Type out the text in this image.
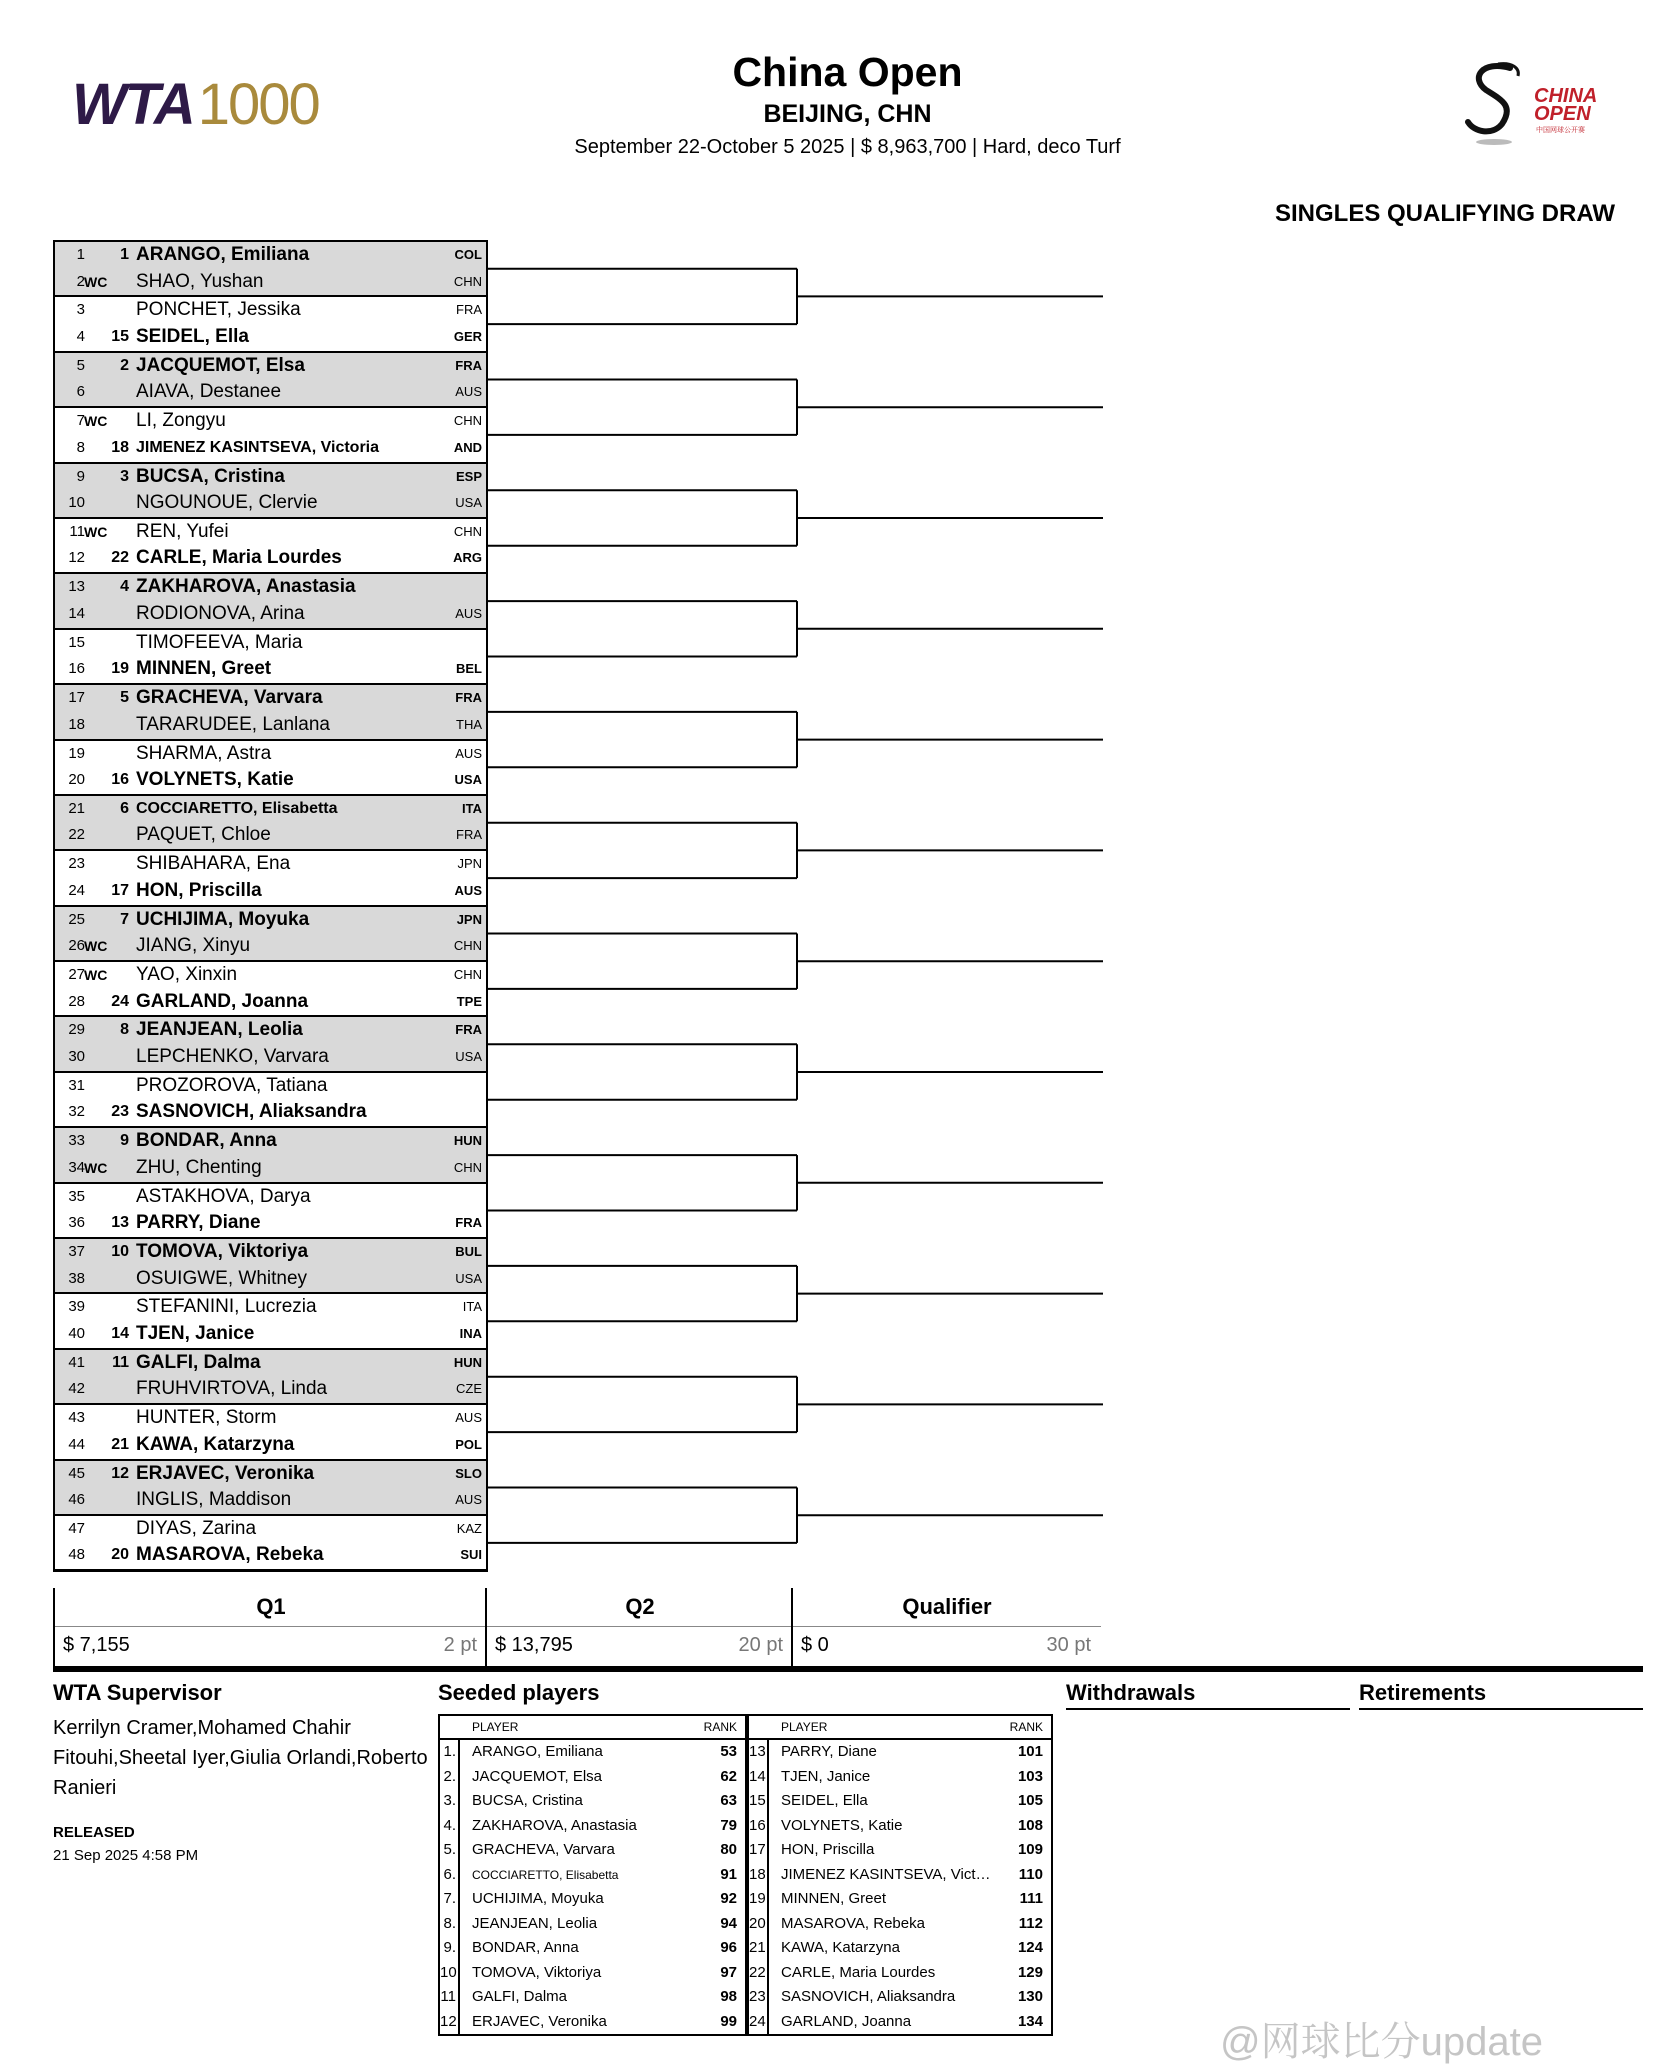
WTA1000	China Open
BEIJING, CHN
September 22-October 5 2025 | $ 8,963,700 | Hard, deco Turf
CHINA
OPEN
中国网球公开赛
SINGLES QUALIFYING DRAW
1	1 ARANGO, Emiliana	COL
2 WC	SHAO, Yushan	CHN
3	PONCHET, Jessika	FRA
4 15 SEIDEL, Ella	GER
5	2 JACQUEMOT, Elsa	FRA
6	AIAVA, Destanee	AUS
7 WC	LI, Zongyu	CHN
8 18 JIMENEZ KASINTSEVA, Victoria	AND
9	3 BUCSA, Cristina	ESP
10	NGOUNOUE, Clervie	USA
11 WC	REN, Yufei	CHN
12 22 CARLE, Maria Lourdes	ARG
13	4 ZAKHAROVA, Anastasia
14	RODIONOVA, Arina	AUS
15	TIMOFEEVA, Maria
16 19 MINNEN, Greet	BEL
17	5 GRACHEVA, Varvara	FRA
18	TARARUDEE, Lanlana	THA
19	SHARMA, Astra	AUS
20 16 VOLYNETS, Katie	USA
21	6 COCCIARETTO, Elisabetta	ITA
22	PAQUET, Chloe	FRA
23	SHIBAHARA, Ena	JPN
24 17 HON, Priscilla	AUS
25	7 UCHIJIMA, Moyuka	JPN
26 WC	JIANG, Xinyu	CHN
27 WC	YAO, Xinxin	CHN
28 24 GARLAND, Joanna	TPE
29	8 JEANJEAN, Leolia	FRA
30	LEPCHENKO, Varvara	USA
31	PROZOROVA, Tatiana
32 23 SASNOVICH, Aliaksandra
33	9 BONDAR, Anna	HUN
34 WC	ZHU, Chenting	CHN
35	ASTAKHOVA, Darya
36 13 PARRY, Diane	FRA
37 10 TOMOVA, Viktoriya	BUL
38	OSUIGWE, Whitney	USA
39	STEFANINI, Lucrezia	ITA
40 14 TJEN, Janice	INA
41 11 GALFI, Dalma	HUN
42	FRUHVIRTOVA, Linda	CZE
43	HUNTER, Storm	AUS
44 21 KAWA, Katarzyna	POL
45 12 ERJAVEC, Veronika	SLO
46	INGLIS, Maddison	AUS
47	DIYAS, Zarina	KAZ
48 20 MASAROVA, Rebeka	SUI
Q1
$ 7,155	2 pt
Q2
$ 13,795	20 pt
Qualifier
$ 0	30 pt
WTA Supervisor
Kerrilyn Cramer,Mohamed Chahir Fitouhi,Sheetal Iyer,Giulia Orlandi,Roberto Ranieri
RELEASED
21 Sep 2025 4:58 PM
Seeded players
PLAYER	RANK
1. ARANGO, Emiliana	53
2. JACQUEMOT, Elsa	62
3. BUCSA, Cristina	63
4. ZAKHAROVA, Anastasia	79
5. GRACHEVA, Varvara	80
6.	COCCIARETTO, Elisabetta	91
7. UCHIJIMA, Moyuka	92
8. JEANJEAN, Leolia	94
9. BONDAR, Anna	96
10 TOMOVA, Viktoriya	97
11 GALFI, Dalma	98
12 ERJAVEC, Veronika	99
PLAYER	RANK
13. PARRY, Diane	101
14. TJEN, Janice	103
15. SEIDEL, Ella	105
16. VOLYNETS, Katie	108
17. HON, Priscilla	109
18. JIMENEZ KASINTSEVA, Vict…	110
19. MINNEN, Greet	111
20. MASAROVA, Rebeka	112
21. KAWA, Katarzyna	124
22. CARLE, Maria Lourdes	129
23. SASNOVICH, Aliaksandra	130
24. GARLAND, Joanna	134
Withdrawals	Retirements
@网球比分update
